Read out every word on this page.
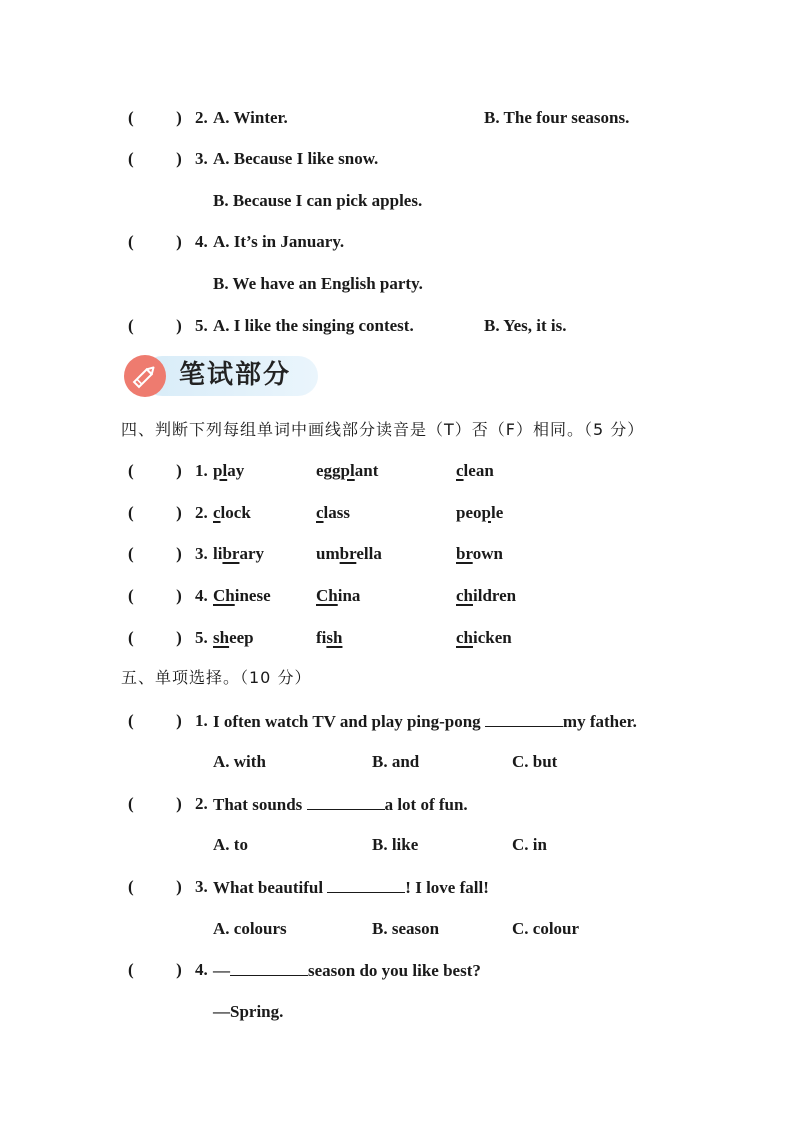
(          ) 2. A. Winter.	B. The four seasons.
(          ) 3. A. Because I like snow.
B. Because I can pick apples.
(          ) 4. A. It’s in January.
B. We have an English party.
(          ) 5. A. I like the singing contest.	B. Yes, it is.
笔试部分
四、判断下列每组单词中画线部分读音是（T）否（F）相同。（5 分）
(          ) 1. play	eggplant	clean
(          ) 2. clock	class	people
(          ) 3. library	umbrella	brown
(          ) 4. Chinese	China	children
(          ) 5. sheep	fish	chicken
五、单项选择。（10 分）
(          ) 1. I often watch TV and play ping-pong	my father.
A. with	B. and	C. but
(          ) 2. That sounds	a lot of fun.
A. to	B. like	C. in
(          ) 3. What beautiful	! I love fall!
A. colours	B. season	C. colour
(          ) 4. —	season do you like best?
—Spring.
